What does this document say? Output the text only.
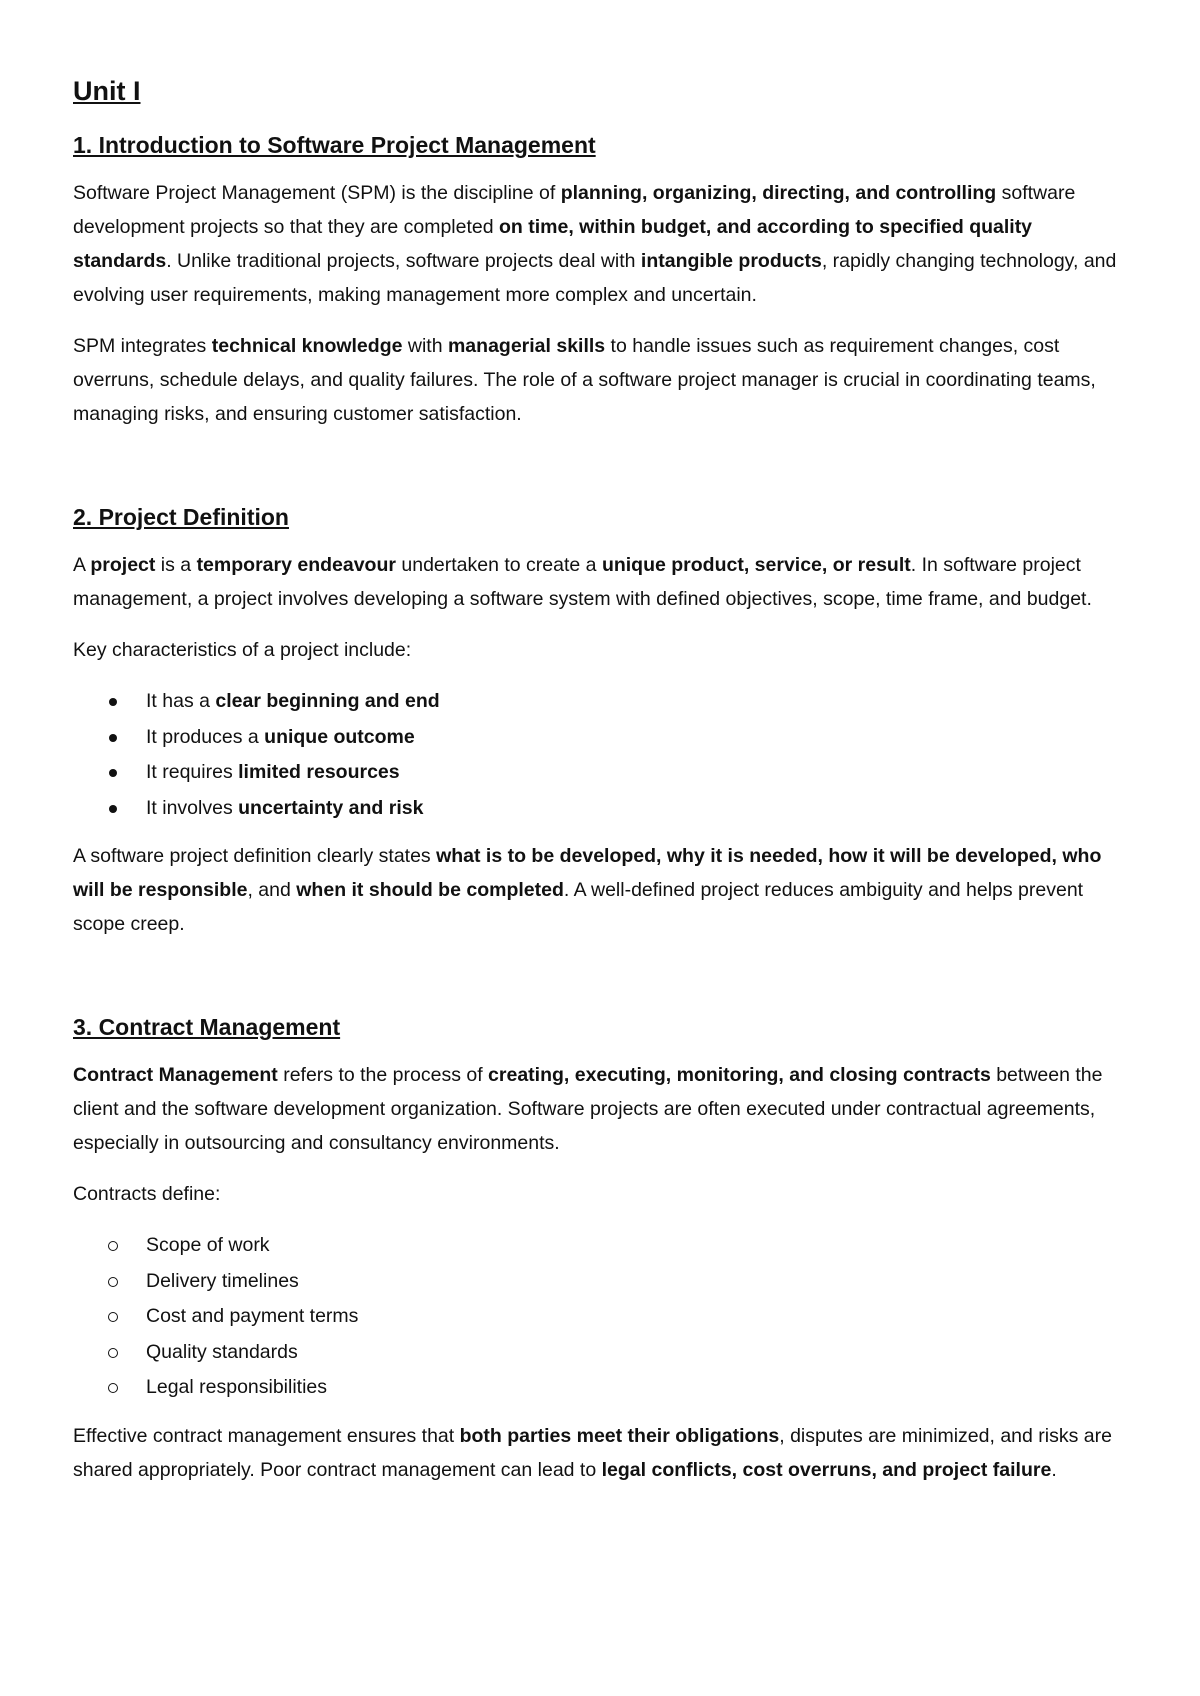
Unit I
1. Introduction to Software Project Management

Software Project Management (SPM) is the discipline of planning, organizing, directing, and controlling software development projects so that they are completed on time, within budget, and according to specified quality standards. Unlike traditional projects, software projects deal with intangible products, rapidly changing technology, and evolving user requirements, making management more complex and uncertain.

SPM integrates technical knowledge with managerial skills to handle issues such as requirement changes, cost overruns, schedule delays, and quality failures. The role of a software project manager is crucial in coordinating teams, managing risks, and ensuring customer satisfaction.

2. Project Definition

A project is a temporary endeavour undertaken to create a unique product, service, or result. In software project management, a project involves developing a software system with defined objectives, scope, time frame, and budget.

Key characteristics of a project include:

It has a clear beginning and end
It produces a unique outcome
It requires limited resources
It involves uncertainty and risk

A software project definition clearly states what is to be developed, why it is needed, how it will be developed, who will be responsible, and when it should be completed. A well-defined project reduces ambiguity and helps prevent scope creep.

3. Contract Management

Contract Management refers to the process of creating, executing, monitoring, and closing contracts between the client and the software development organization. Software projects are often executed under contractual agreements, especially in outsourcing and consultancy environments.

Contracts define:

Scope of work
Delivery timelines
Cost and payment terms
Quality standards
Legal responsibilities

Effective contract management ensures that both parties meet their obligations, disputes are minimized, and risks are shared appropriately. Poor contract management can lead to legal conflicts, cost overruns, and project failure.
